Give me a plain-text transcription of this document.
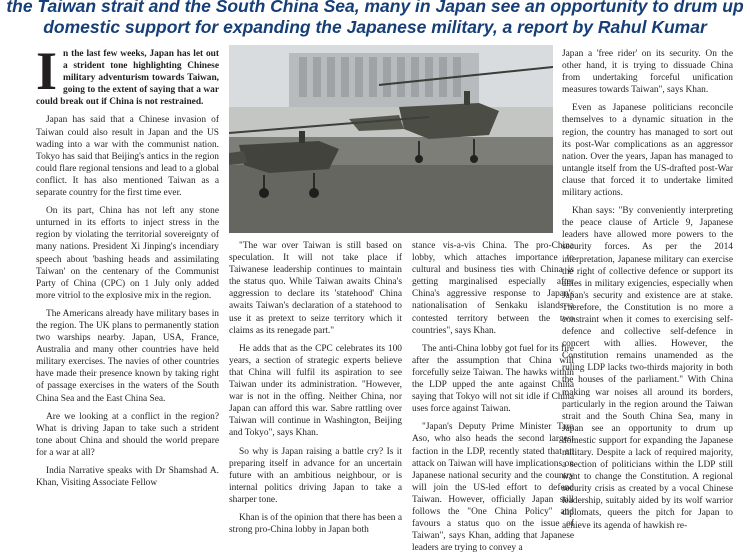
the Taiwan strait and the South China Sea, many in Japan see an opportunity to drum up
domestic support for expanding the Japanese military, a report by Rahul Kumar
I n the last few weeks, Japan has let out a strident tone highlighting Chinese military adventurism towards Taiwan, going to the extent of saying that a war could break out if China is not restrained.

Japan has said that a Chinese invasion of Taiwan could also result in Japan and the US wading into a war with the communist nation. Tokyo has said that Beijing's antics in the region could flare regional tensions and lead to a global conflict. It has also mentioned Taiwan as a separate country for the first time ever.

On its part, China has not left any stone unturned in its efforts to inject stress in the region by violating the territorial sovereignty of many nations. President Xi Jinping's incendiary speech about 'bashing heads and assimilating Taiwan' on the centenary of the Communist Party of China (CPC) on 1 July only added more vitriol to the explosive mix in the region.

The Americans already have military bases in the region. The UK plans to permanently station two warships nearby. Japan, USA, France, Australia and many other countries have held military exercises. The navies of other countries have made their presence known by taking right of passage exercises in the waters of the South China Sea and the East China Sea.

Are we looking at a conflict in the region? What is driving Japan to take such a strident tone about China and should the world prepare for a war at all?

India Narrative speaks with Dr Shamshad A. Khan, Visiting Associate Fellow

"The war over Taiwan is still based on speculation. It will not take place if Taiwanese leadership continues to maintain the status quo. While Taiwan awaits China's aggression to declare its 'statehood' China awaits Taiwan's declaration of a statehood to use it as pretext to seize territory which it claims as its renegade part."

He adds that as the CPC celebrates its 100 years, a section of strategic experts believe that China will fulfil its aspiration to see Taiwan under its administration. "However, war is not in the offing. Neither China, nor Japan can afford this war. Sabre rattling over Taiwan will continue in Washington, Beijing and Tokyo", says Khan.

So why is Japan raising a battle cry? Is it preparing itself in advance for an uncertain future with an ambitious neighbour, or is internal politics driving Japan to take a sharper tone.

Khan is of the opinion that there has been a strong pro-China lobby in Japan both

stance vis-a-vis China. The pro-China lobby, which attaches importance to cultural and business ties with China is getting marginalised especially after China's aggressive response to Japan's nationalisation of Senkaku islands--a contested territory between the two countries", says Khan.

The anti-China lobby got fuel for its fire after the assumption that China will forcefully seize Taiwan. The hawks within the LDP upped the ante against China saying that Tokyo will not sit idle if China uses force against Taiwan.

"Japan's Deputy Prime Minister Taro Aso, who also heads the second largest faction in the LDP, recently stated that an attack on Taiwan will have implications on Japanese national security and the country will join the US-led effort to defend Taiwan. However, officially Japan still follows the "One China Policy" and favours a status quo on the issue of Taiwan", says Khan, adding that Japanese leaders are trying to convey a

Japan a 'free rider' on its security. On the other hand, it is trying to dissuade China from undertaking forceful unification measures towards Taiwan", says Khan.

Even as Japanese politicians reconcile themselves to a dynamic situation in the region, the country has managed to sort out its post-War complications as an aggressor nation. Over the years, Japan has managed to untangle itself from the US-drafted post-War clause that forced it to undertake limited military actions.

Khan says: "By conveniently interpreting the peace clause of Article 9, Japanese leaders have allowed more powers to the security forces. As per the 2014 interpretation, Japanese military can exercise the right of collective defence or support its allies in military exigencies, especially when Japan's security and existence are at stake. Therefore, the Constitution is no more a constraint when it comes to exercising self-defence and collective self-defence in concert with allies. However, the Constitution remains unamended as the ruling LDP lacks two-thirds majority in both the houses of the parliament." With China making war noises all around its borders, particularly in the region around the Taiwan strait and the South China Sea, many in Japan see an opportunity to drum up domestic support for expanding the Japanese military. Despite a lack of required majority, a section of politicians within the LDP still want to change the Constitution. A regional security crisis as created by a vocal Chinese leadership, suitably aided by its wolf warrior diplomats, queers the pitch for Japan to achieve its agenda of hawkish re-
